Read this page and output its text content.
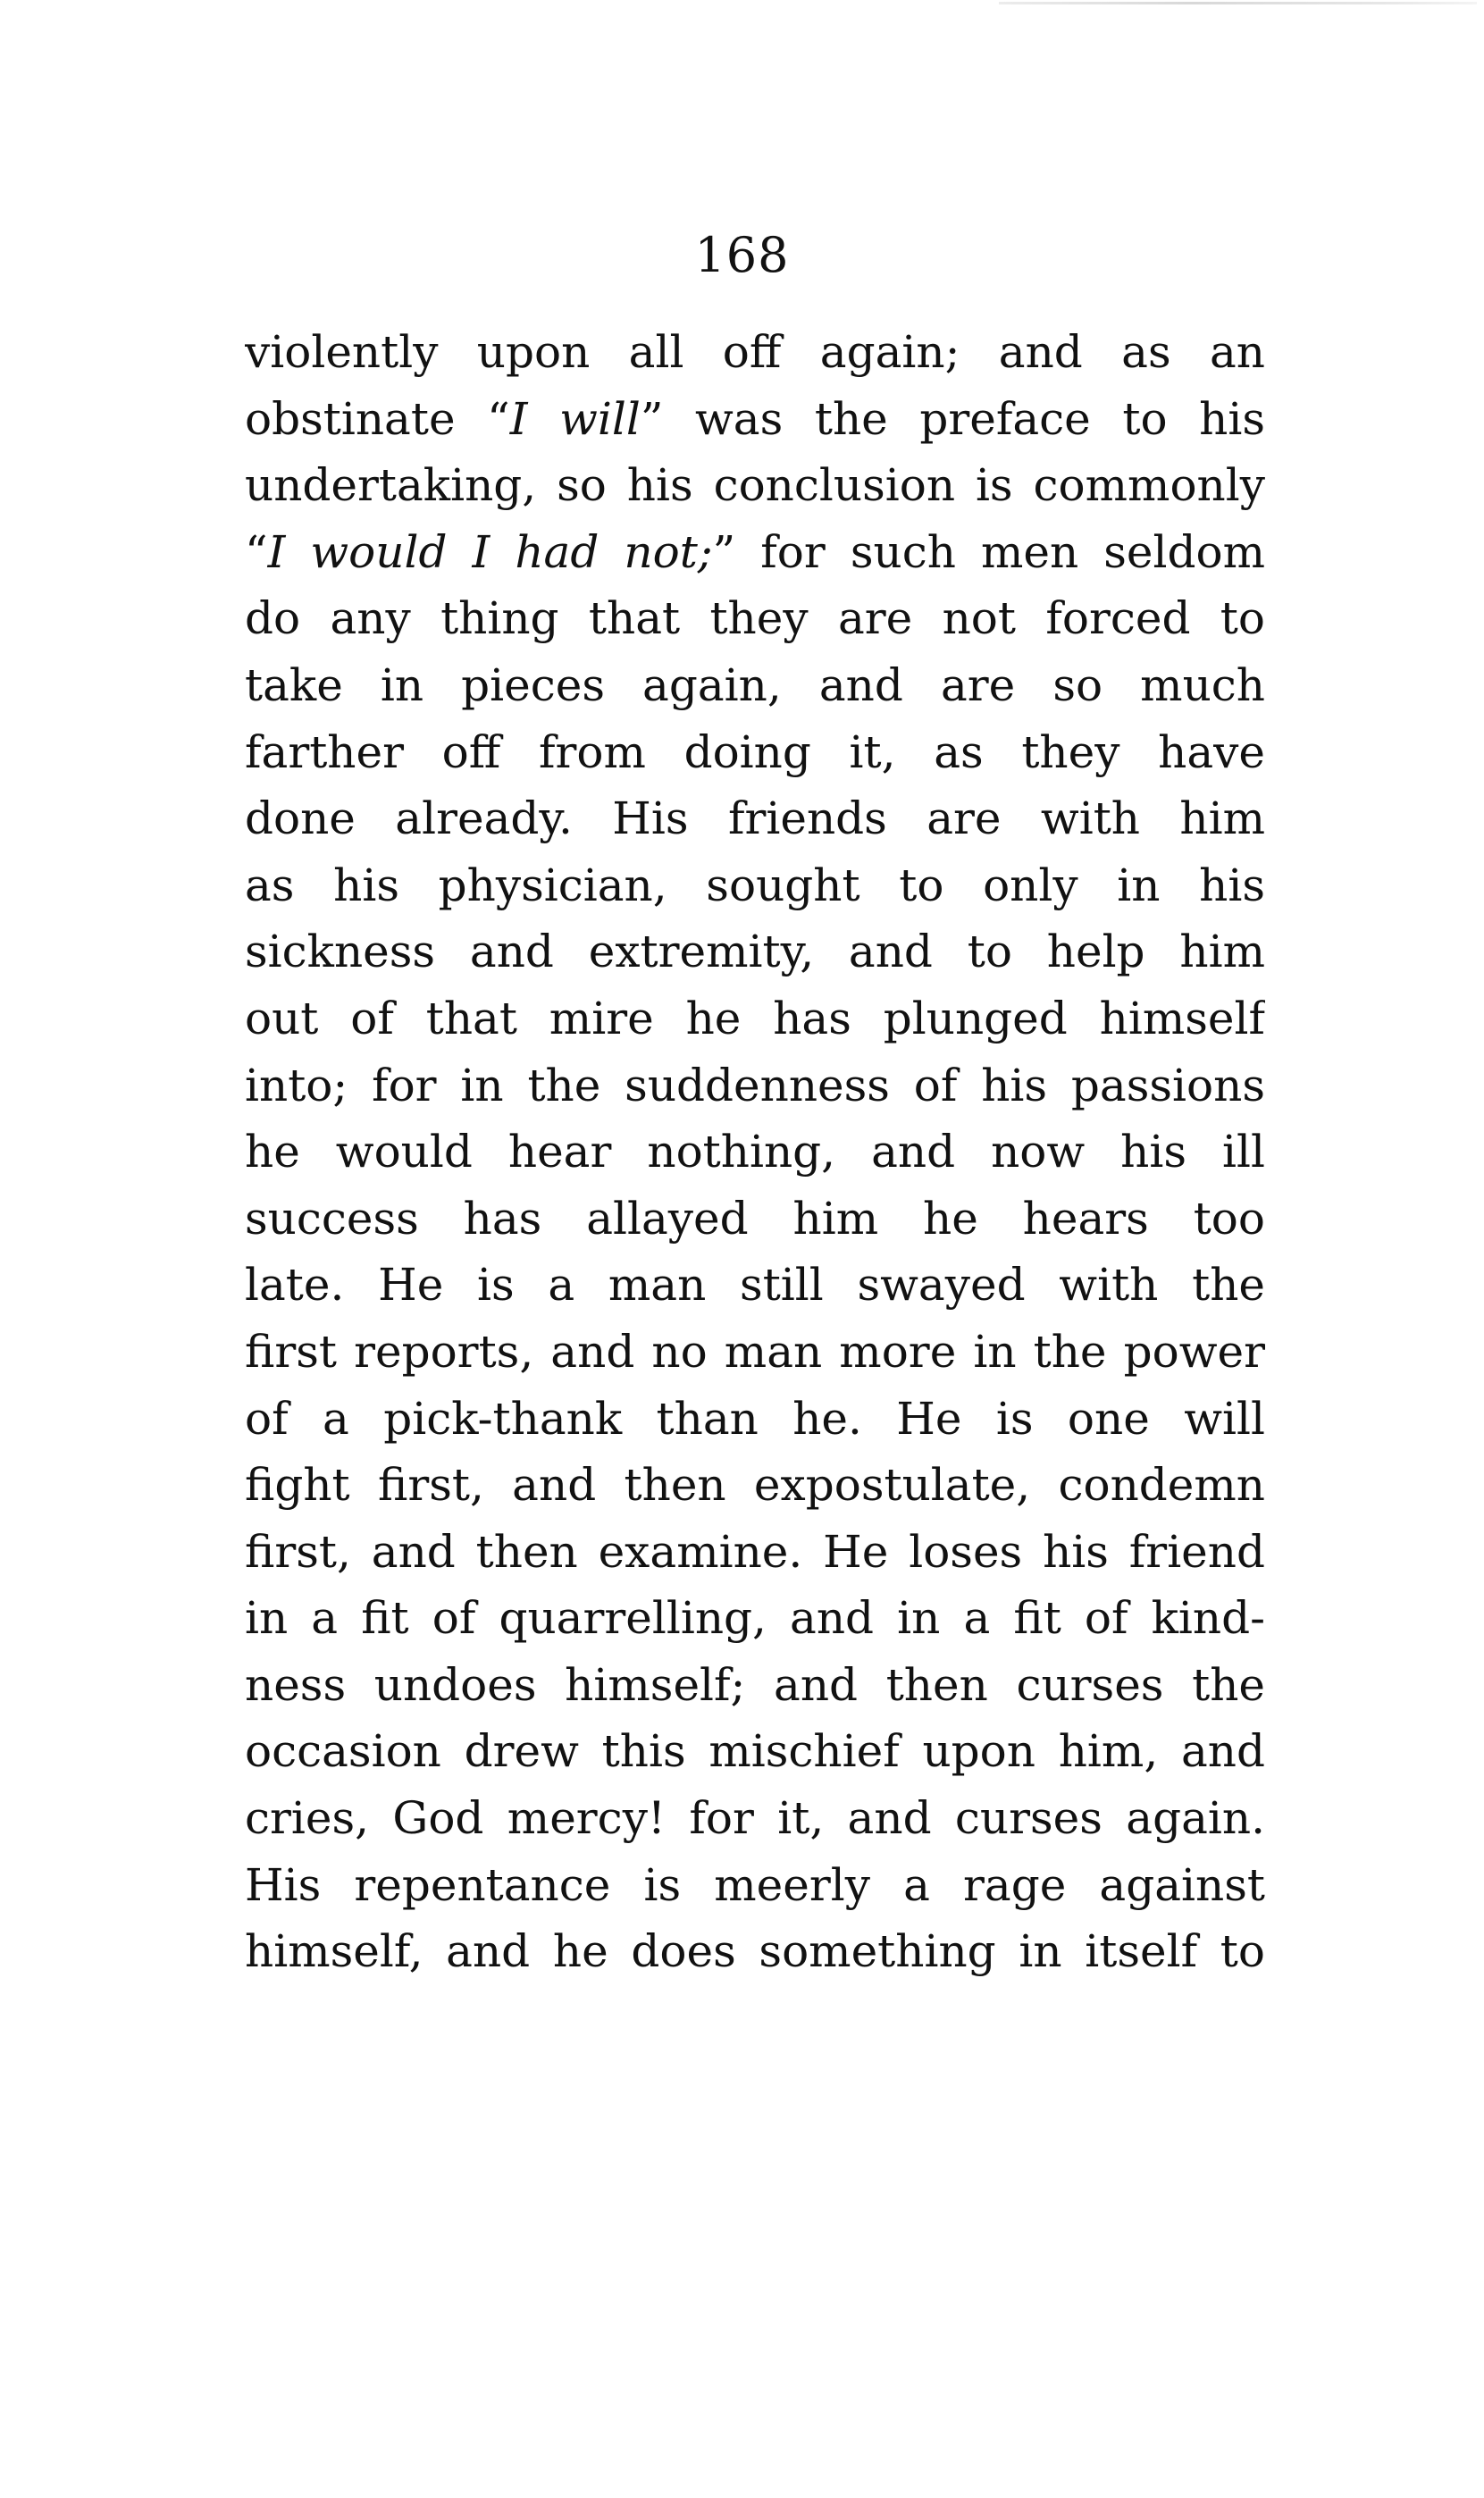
168
violently upon all off again; and as an
obstinate “I will” was the preface to his
undertaking, so his conclusion is commonly
“I would I had not;” for such men seldom
do any thing that they are not forced to
take in pieces again, and are so much
farther off from doing it, as they have
done already. His friends are with him
as his physician, sought to only in his
sickness and extremity, and to help him
out of that mire he has plunged himself
into; for in the suddenness of his passions
he would hear nothing, and now his ill
success has allayed him he hears too
late. He is a man still swayed with the
first reports, and no man more in the power
of a pick-thank than he. He is one will
fight first, and then expostulate, condemn
first, and then examine. He loses his friend
in a fit of quarrelling, and in a fit of kind-
ness undoes himself; and then curses the
occasion drew this mischief upon him, and
cries, God mercy! for it, and curses again.
His repentance is meerly a rage against
himself, and he does something in itself to
